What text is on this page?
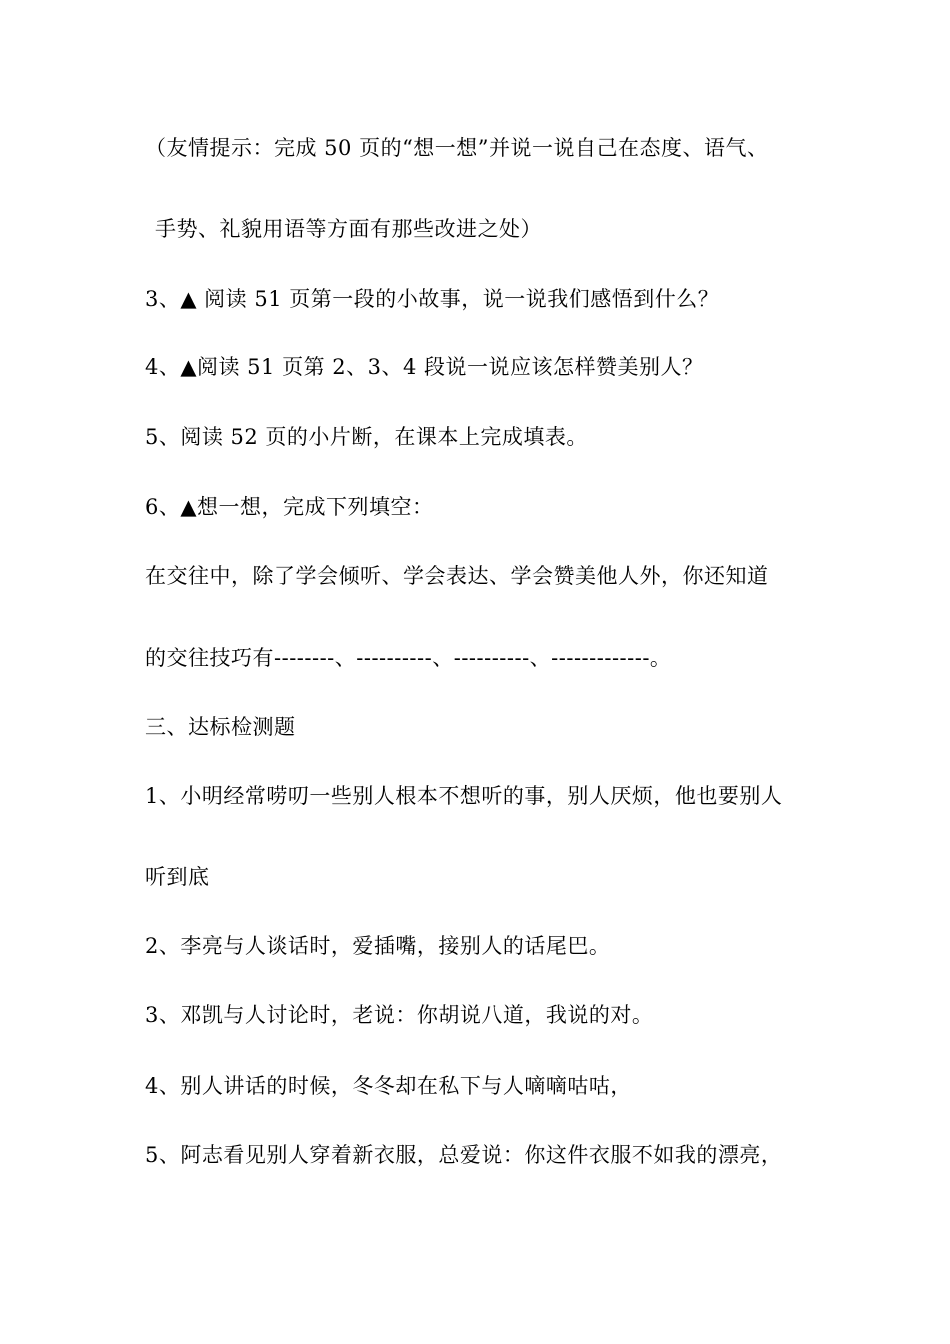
（友情提示：完成 50 页的“想一想”并说一说自己在态度、语气、
手势、礼貌用语等方面有那些改进之处）
3、▲ 阅读 51 页第一段的小故事，说一说我们感悟到什么？
4、▲阅读 51 页第 2、3、4 段说一说应该怎样赞美别人？
5、阅读 52 页的小片断，在课本上完成填表。
6、▲想一想，完成下列填空：
在交往中，除了学会倾听、学会表达、学会赞美他人外，你还知道
的交往技巧有--------、----------、----------、-------------。
三、达标检测题
1、小明经常唠叨一些别人根本不想听的事，别人厌烦，他也要别人
听到底
2、李亮与人谈话时，爱插嘴，接别人的话尾巴。
3、邓凯与人讨论时，老说：你胡说八道，我说的对。
4、别人讲话的时候，冬冬却在私下与人嘀嘀咕咕，
5、阿志看见别人穿着新衣服，总爱说：你这件衣服不如我的漂亮，
